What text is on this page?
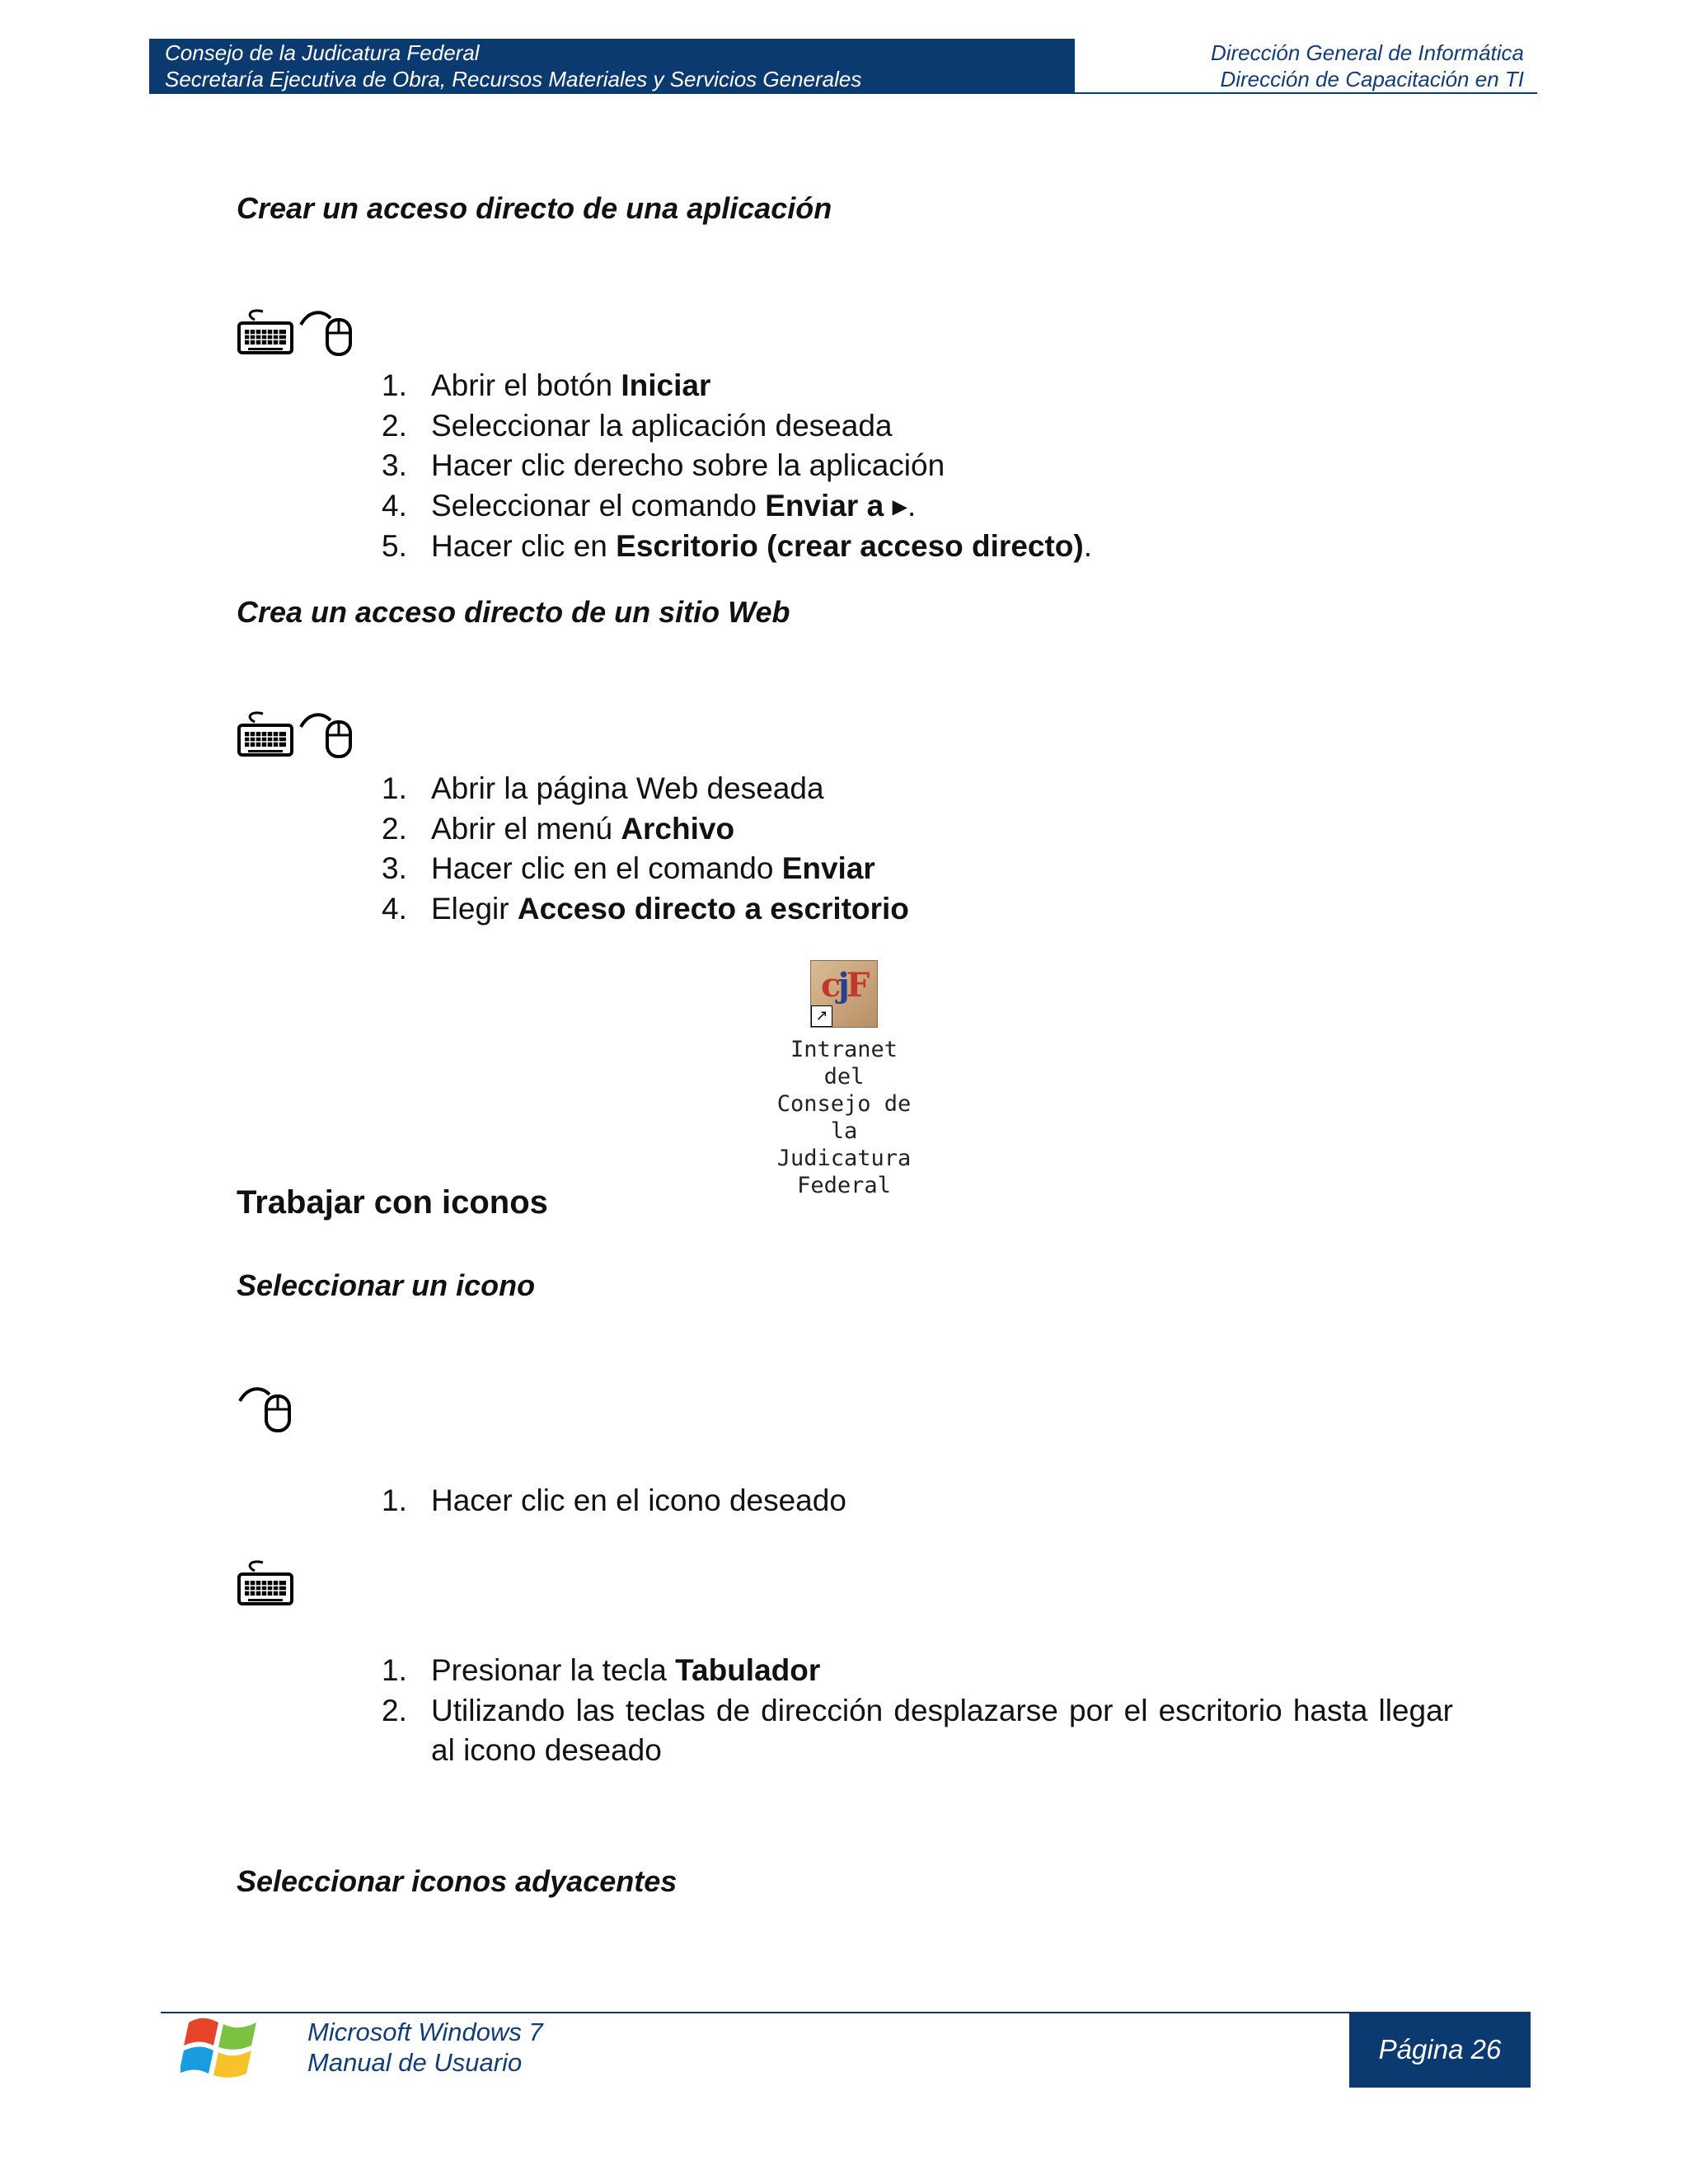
Consejo de la Judicatura Federal
Secretaría Ejecutiva de Obra, Recursos Materiales y Servicios Generales
Dirección General de Informática
Dirección de Capacitación en TI
Crear un acceso directo de una aplicación
1. Abrir el botón Iniciar
2. Seleccionar la aplicación deseada
3. Hacer clic derecho sobre la aplicación
4. Seleccionar el comando Enviar a ▸.
5. Hacer clic en Escritorio (crear acceso directo).
Crea un acceso directo de un sitio Web
1. Abrir la página Web deseada
2. Abrir el menú Archivo
3. Hacer clic en el comando Enviar
4. Elegir Acceso directo a escritorio
cjF
↗
Intranet del
Consejo de la
Judicatura
Federal
Trabajar con iconos
Seleccionar un icono
1. Hacer clic en el icono deseado
1. Presionar la tecla Tabulador
2. Utilizando las teclas de dirección desplazarse por el escritorio hasta llegar al icono deseado
Seleccionar iconos adyacentes
Microsoft Windows 7
Manual de Usuario	Página 26
